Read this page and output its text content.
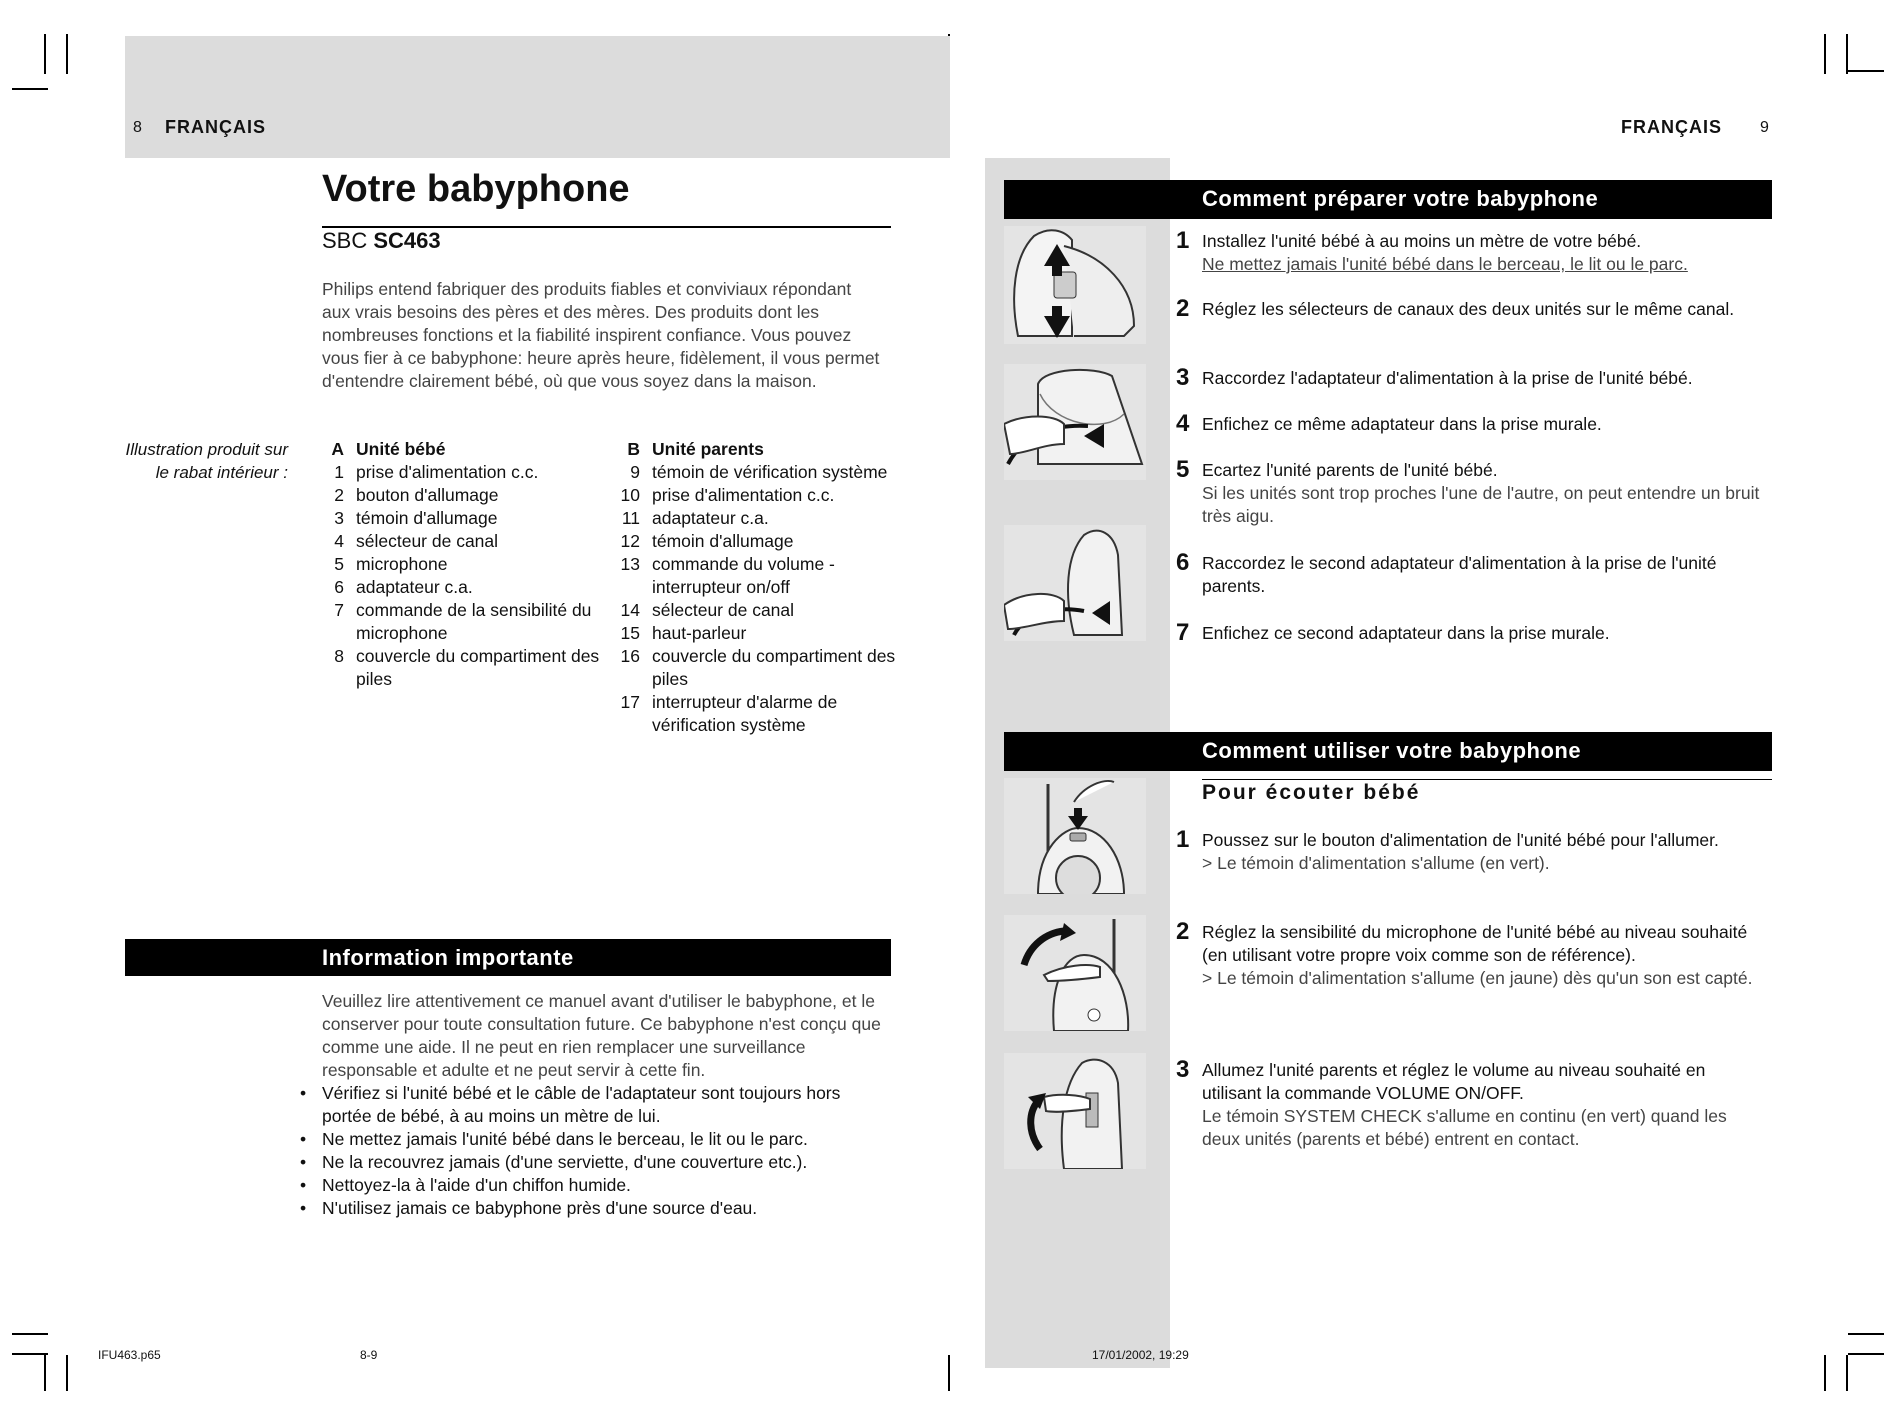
8 FRANÇAIS
Votre babyphone
SBC SC463
Philips entend fabriquer des produits fiables et conviviaux répondant aux vrais besoins des pères et des mères. Des produits dont les nombreuses fonctions et la fiabilité inspirent confiance. Vous pouvez vous fier à ce babyphone: heure après heure, fidèlement, il vous permet d'entendre clairement bébé, où que vous soyez dans la maison.
Illustration produit sur
le rabat intérieur :
A Unité bébé
1 prise d'alimentation c.c.
2 bouton d'allumage
3 témoin d'allumage
4 sélecteur de canal
5 microphone
6 adaptateur c.a.
7 commande de la sensibilité du microphone
8 couvercle du compartiment des piles
B Unité parents
9 témoin de vérification système
10 prise d'alimentation c.c.
11 adaptateur c.a.
12 témoin d'allumage
13 commande du volume - interrupteur on/off
14 sélecteur de canal
15 haut-parleur
16 couvercle du compartiment des piles
17 interrupteur d'alarme de vérification système
Information importante
Veuillez lire attentivement ce manuel avant d'utiliser le babyphone, et le conserver pour toute consultation future. Ce babyphone n'est conçu que comme une aide. Il ne peut en rien remplacer une surveillance responsable et adulte et ne peut servir à cette fin.
• Vérifiez si l'unité bébé et le câble de l'adaptateur sont toujours hors portée de bébé, à au moins un mètre de lui.
• Ne mettez jamais l'unité bébé dans le berceau, le lit ou le parc.
• Ne la recouvrez jamais (d'une serviette, d'une couverture etc.).
• Nettoyez-la à l'aide d'un chiffon humide.
• N'utilisez jamais ce babyphone près d'une source d'eau.
FRANÇAIS 9
Comment préparer votre babyphone
1 Installez l'unité bébé à au moins un mètre de votre bébé.
Ne mettez jamais l'unité bébé dans le berceau, le lit ou le parc.
2 Réglez les sélecteurs de canaux des deux unités sur le même canal.
3 Raccordez l'adaptateur d'alimentation à la prise de l'unité bébé.
4 Enfichez ce même adaptateur dans la prise murale.
5 Ecartez l'unité parents de l'unité bébé.
Si les unités sont trop proches l'une de l'autre, on peut entendre un bruit très aigu.
6 Raccordez le second adaptateur d'alimentation à la prise de l'unité parents.
7 Enfichez ce second adaptateur dans la prise murale.
Comment utiliser votre babyphone
Pour écouter bébé
1 Poussez sur le bouton d'alimentation de l'unité bébé pour l'allumer.
> Le témoin d'alimentation s'allume (en vert).
2 Réglez la sensibilité du microphone de l'unité bébé au niveau souhaité (en utilisant votre propre voix comme son de référence).
> Le témoin d'alimentation s'allume (en jaune) dès qu'un son est capté.
3 Allumez l'unité parents et réglez le volume au niveau souhaité en utilisant la commande VOLUME ON/OFF.
Le témoin SYSTEM CHECK s'allume en continu (en vert) quand les deux unités (parents et bébé) entrent en contact.
IFU463.p65	8-9	17/01/2002, 19:29
